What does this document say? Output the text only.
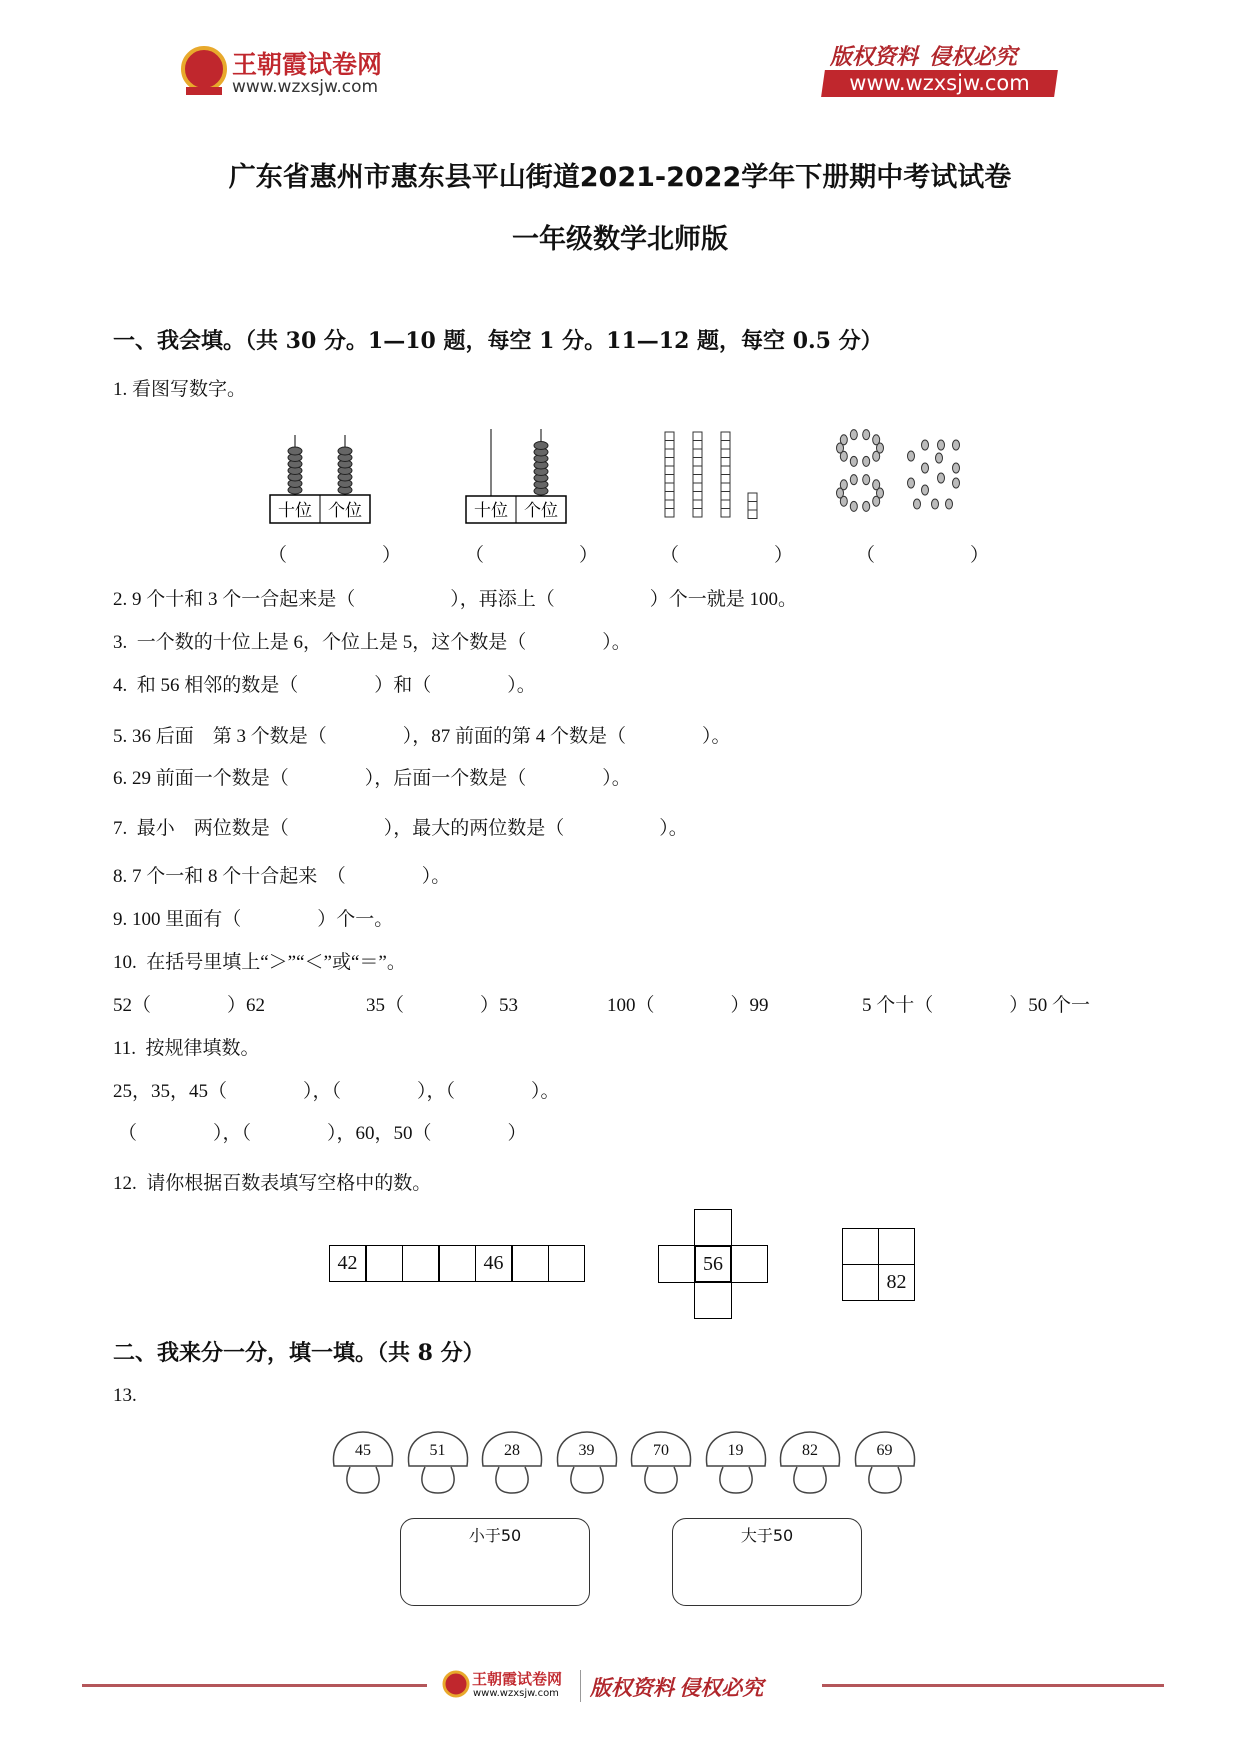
王朝霞试卷网
www.wzxsjw.com
版权资料  侵权必究
www.wzxsjw.com
广东省惠州市惠东县平山街道2021-2022学年下册期中考试试卷
一年级数学北师版
一、我会填。（共 30 分。1—10 题，每空 1 分。11—12 题，每空 0.5 分）
1. 看图写数字。
十位 个位	十位 个位
（　　　　　）	（　　　　　）	（　　　　　）	（　　　　　）
2. 9 个十和 3 个一合起来是（　　　　　），再添上（　　　　　）个一就是 100。
3.  一个数的十位上是 6，个位上是 5，这个数是（　　　　）。
4.  和 56 相邻的数是（　　　　）和（　　　　）。
5. 36 后面　第 3 个数是（　　　　），87 前面的第 4 个数是（　　　　）。
6. 29 前面一个数是（　　　　），后面一个数是（　　　　）。
7.  最小　两位数是（　　　　　），最大的两位数是（　　　　　）。
8. 7 个一和 8 个十合起来　（　　　　）。
9. 100 里面有（　　　　）个一。
10.  在括号里填上“＞”“＜”或“＝”。
52（　　　　）62	35（　　　　）53	100（　　　　）99	5 个十（　　　　）50 个一
11.  按规律填数。
25，35，45（　　　　），（　　　　），（　　　　）。
（　　　　），（　　　　），60，50（　　　　）
12.  请你根据百数表填写空格中的数。
42	46	56
82
二、我来分一分，填一填。（共 8 分）
13.
45	51	28	39	70	19	82	69
小于50	大于50
王朝霞试卷网
www.wzxsjw.com 版权资料 侵权必究
